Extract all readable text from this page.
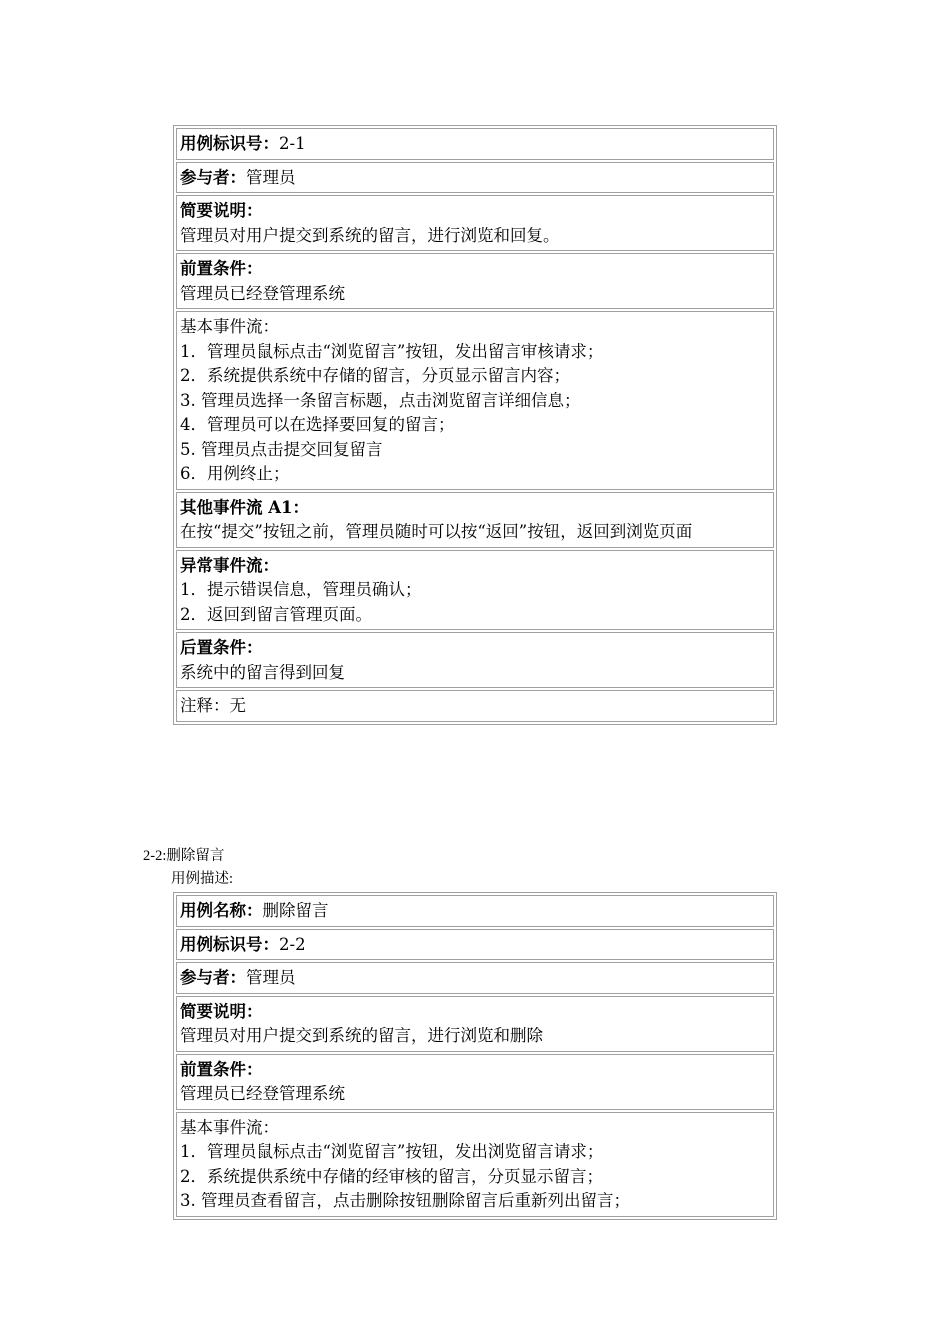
用例标识号：2-1
参与者：管理员
简要说明：
管理员对用户提交到系统的留言，进行浏览和回复。
前置条件：
管理员已经登管理系统
基本事件流：
1．管理员鼠标点击“浏览留言”按钮，发出留言审核请求；
2．系统提供系统中存储的留言，分页显示留言内容；
3. 管理员选择一条留言标题，点击浏览留言详细信息；
4．管理员可以在选择要回复的留言；
5. 管理员点击提交回复留言
6．用例终止；
其他事件流 A1：
在按“提交”按钮之前，管理员随时可以按“返回”按钮，返回到浏览页面
异常事件流：
1．提示错误信息，管理员确认；
2．返回到留言管理页面。
后置条件：
系统中的留言得到回复
注释：无
2-2:删除留言
用例描述:
用例名称：删除留言
用例标识号：2-2
参与者：管理员
简要说明：
管理员对用户提交到系统的留言，进行浏览和删除
前置条件：
管理员已经登管理系统
基本事件流：
1．管理员鼠标点击“浏览留言”按钮，发出浏览留言请求；
2．系统提供系统中存储的经审核的留言，分页显示留言；
3. 管理员查看留言，点击删除按钮删除留言后重新列出留言；
